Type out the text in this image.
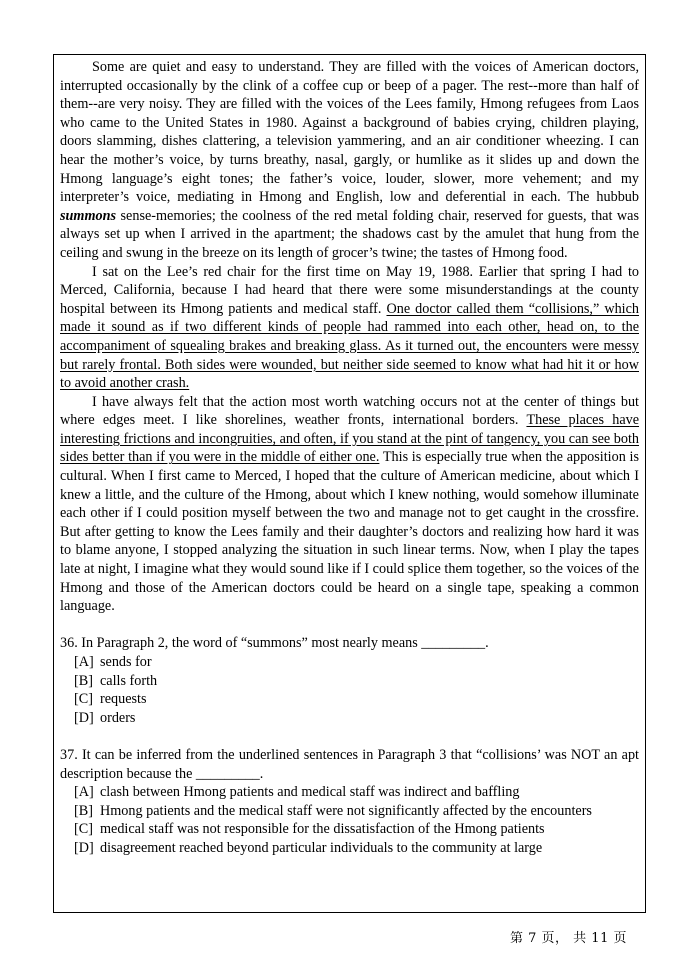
Some are quiet and easy to understand. They are filled with the voices of American doctors, interrupted occasionally by the clink of a coffee cup or beep of a pager. The rest--more than half of them--are very noisy. They are filled with the voices of the Lees family, Hmong refugees from Laos who came to the United States in 1980. Against a background of babies crying, children playing, doors slamming, dishes clattering, a television yammering, and an air conditioner wheezing. I can hear the mother’s voice, by turns breathy, nasal, gargly, or humlike as it slides up and down the Hmong language’s eight tones; the father’s voice, louder, slower, more vehement; and my interpreter’s voice, mediating in Hmong and English, low and deferential in each. The hubbub summons sense-memories; the coolness of the red metal folding chair, reserved for guests, that was always set up when I arrived in the apartment; the shadows cast by the amulet that hung from the ceiling and swung in the breeze on its length of grocer’s twine; the tastes of Hmong food.

I sat on the Lee’s red chair for the first time on May 19, 1988. Earlier that spring I had to Merced, California, because I had heard that there were some misunderstandings at the county hospital between its Hmong patients and medical staff. One doctor called them “collisions,” which made it sound as if two different kinds of people had rammed into each other, head on, to the accompaniment of squealing brakes and breaking glass. As it turned out, the encounters were messy but rarely frontal. Both sides were wounded, but neither side seemed to know what had hit it or how to avoid another crash.

I have always felt that the action most worth watching occurs not at the center of things but where edges meet. I like shorelines, weather fronts, international borders. These places have interesting frictions and incongruities, and often, if you stand at the pint of tangency, you can see both sides better than if you were in the middle of either one. This is especially true when the apposition is cultural. When I first came to Merced, I hoped that the culture of American medicine, about which I knew a little, and the culture of the Hmong, about which I knew nothing, would somehow illuminate each other if I could position myself between the two and manage not to get caught in the crossfire. But after getting to know the Lees family and their daughter’s doctors and realizing how hard it was to blame anyone, I stopped analyzing the situation in such linear terms. Now, when I play the tapes late at night, I imagine what they would sound like if I could splice them together, so the voices of the Hmong and those of the American doctors could be heard on a single tape, speaking a common language.

36. In Paragraph 2, the word of “summons” most nearly means _________.

[A] sends for
[B] calls forth
[C] requests
[D] orders

37. It can be inferred from the underlined sentences in Paragraph 3 that “collisions’ was NOT an apt description because the _________.

[A] clash between Hmong patients and medical staff was indirect and baffling
[B] Hmong patients and the medical staff were not significantly affected by the encounters
[C] medical staff was not responsible for the dissatisfaction of the Hmong patients
[D] disagreement reached beyond particular individuals to the community at large
第 7 页， 共 11 页
